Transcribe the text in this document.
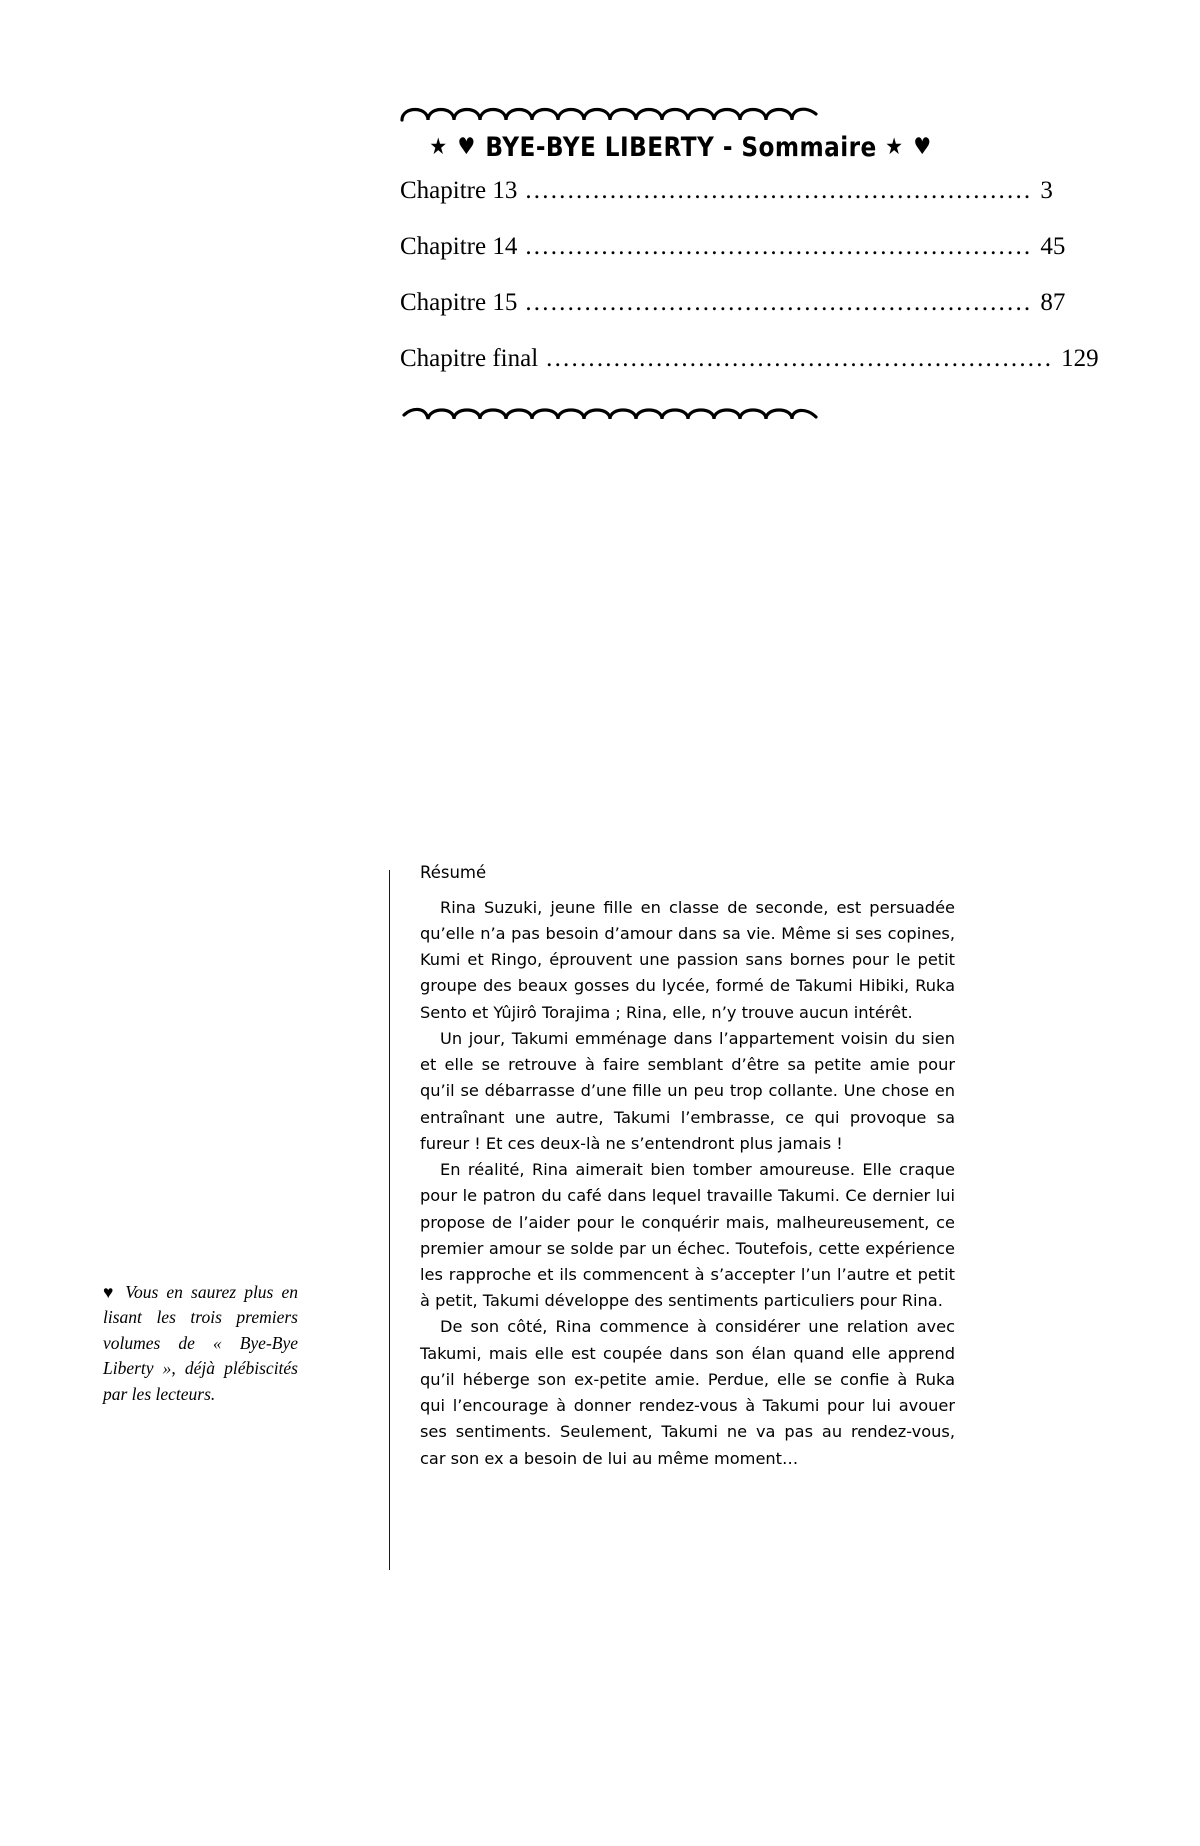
★ ♥ BYE-BYE LIBERTY - Sommaire ★ ♥
Chapitre 13 ............................................................ 3
Chapitre 14 ............................................................ 45
Chapitre 15 ............................................................ 87
Chapitre final ............................................................ 129
♥ Vous en saurez plus en lisant les trois premiers volumes de « Bye-Bye Liberty », déjà plébiscités par les lecteurs.
Résumé

Rina Suzuki, jeune fille en classe de seconde, est persuadée qu’elle n’a pas besoin d’amour dans sa vie. Même si ses copines, Kumi et Ringo, éprouvent une passion sans bornes pour le petit groupe des beaux gosses du lycée, formé de Takumi Hibiki, Ruka Sento et Yûjirô Torajima ; Rina, elle, n’y trouve aucun intérêt.

Un jour, Takumi emménage dans l’appartement voisin du sien et elle se retrouve à faire semblant d’être sa petite amie pour qu’il se débarrasse d’une fille un peu trop collante. Une chose en entraînant une autre, Takumi l’embrasse, ce qui provoque sa fureur ! Et ces deux-là ne s’entendront plus jamais !

En réalité, Rina aimerait bien tomber amoureuse. Elle craque pour le patron du café dans lequel travaille Takumi. Ce dernier lui propose de l’aider pour le conquérir mais, malheureusement, ce premier amour se solde par un échec. Toutefois, cette expérience les rapproche et ils commencent à s’accepter l’un l’autre et petit à petit, Takumi développe des sentiments particuliers pour Rina.

De son côté, Rina commence à considérer une relation avec Takumi, mais elle est coupée dans son élan quand elle apprend qu’il héberge son ex-petite amie. Perdue, elle se confie à Ruka qui l’encourage à donner rendez-vous à Takumi pour lui avouer ses sentiments. Seulement, Takumi ne va pas au rendez-vous, car son ex a besoin de lui au même moment…
